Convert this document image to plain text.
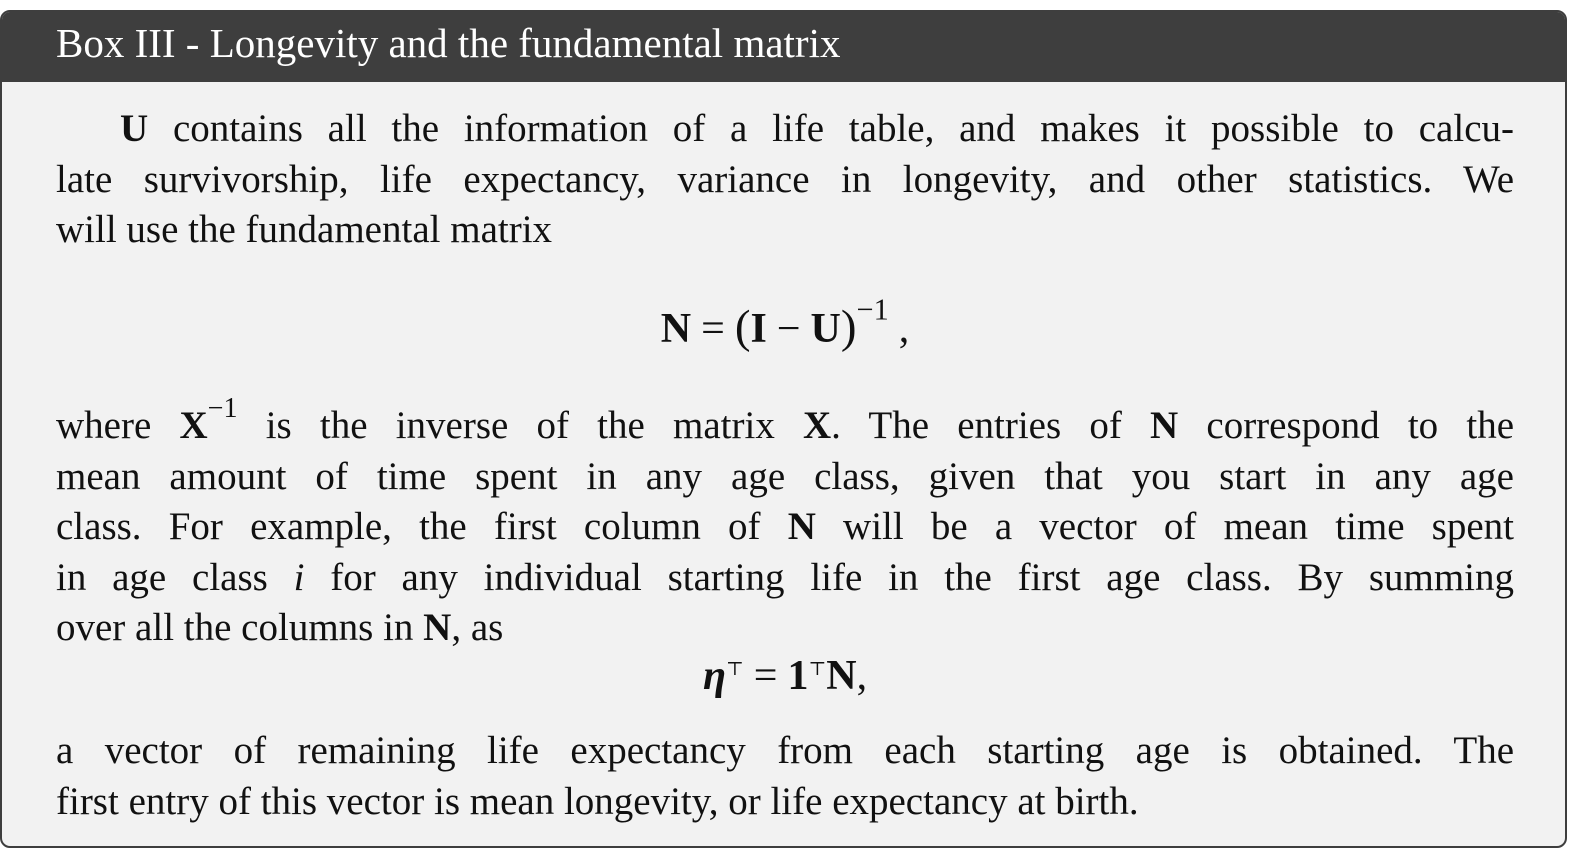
Box III - Longevity and the fundamental matrix
U contains all the information of a life table, and makes it possible to calcu-
late survivorship, life expectancy, variance in longevity, and other statistics. We
will use the fundamental matrix
$N = (I - U)^{-1}$ ,
where $X^{-1}$ is the inverse of the matrix X. The entries of N correspond to the
mean amount of time spent in any age class, given that you start in any age
class. For example, the first column of N will be a vector of mean time spent
in age class i for any individual starting life in the first age class. By summing
over all the columns in N, as
η⊤ = 1⊤N,
a vector of remaining life expectancy from each starting age is obtained. The
first entry of this vector is mean longevity, or life expectancy at birth.
